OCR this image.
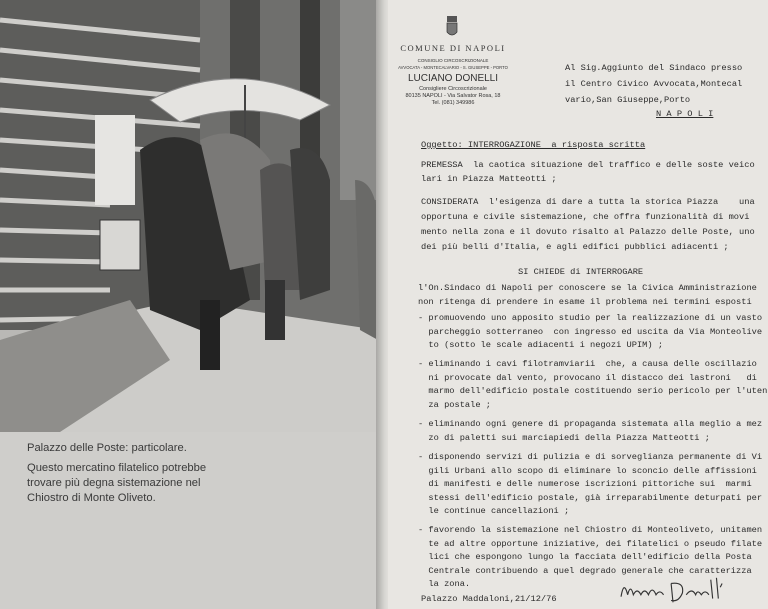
Palazzo delle Poste: particolare.
Questo mercatino filatelico potrebbe
trovare più degna sistemazione nel
Chiostro di Monte Oliveto.
COMUNE DI NAPOLI
CONSIGLIO CIRCOSCRIZIONALE
AVVOCATA - MONTECALVARIO - S. GIUSEPPE - PORTO
LUCIANO DONELLI
Consigliere Circoscrizionale
80135 NAPOLI - Via Salvator Rosa, 18
Tel. (081) 349986
Al Sig.Aggiunto del Sindaco presso
il Centro Civico Avvocata,Montecal
vario,San Giuseppe,Porto
N A P O L I
Oggetto: INTERROGAZIONE  a risposta scritta
PREMESSA  la caotica situazione del traffico e delle soste veico
lari in Piazza Matteotti ;
CONSIDERATA  l'esigenza di dare a tutta la storica Piazza    una
opportuna e civile sistemazione, che offra funzionalità di movi
mento nella zona e il dovuto risalto al Palazzo delle Poste, uno
dei più belli d'Italia, e agli edifici pubblici adiacenti ;
SI CHIEDE di INTERROGARE
l'On.Sindaco di Napoli per conoscere se la Civica Amministrazione
non ritenga di prendere in esame il problema nei termini esposti
- promuovendo uno apposito studio per la realizzazione di un vasto
parcheggio sotterraneo  con ingresso ed uscita da Via Monteolive
to (sotto le scale adiacenti i negozi UPIM) ;
- eliminando i cavi filotramviarii  che, a causa delle oscillazio
ni provocate dal vento, provocano il distacco dei lastroni   di
marmo dell'edificio postale costituendo serio pericolo per l'uten
za postale ;
- eliminando ogni genere di propaganda sistemata alla meglio a mez
zo di paletti sui marciapiedi della Piazza Matteotti ;
- disponendo servizi di pulizia e di sorveglianza permanente di Vi
gili Urbani allo scopo di eliminare lo sconcio delle affissioni
di manifesti e delle numerose iscrizioni pittoriche sui  marmi
stessi dell'edificio postale, già irreparabilmente deturpati per
le continue cancellazioni ;
- favorendo la sistemazione nel Chiostro di Monteoliveto, unitamen
te ad altre opportune iniziative, dei filatelici o pseudo filate
lici che espongono lungo la facciata dell'edificio della Posta
Centrale contribuendo a quel degrado generale che caratterizza
la zona.
Palazzo Maddaloni,21/12/76
